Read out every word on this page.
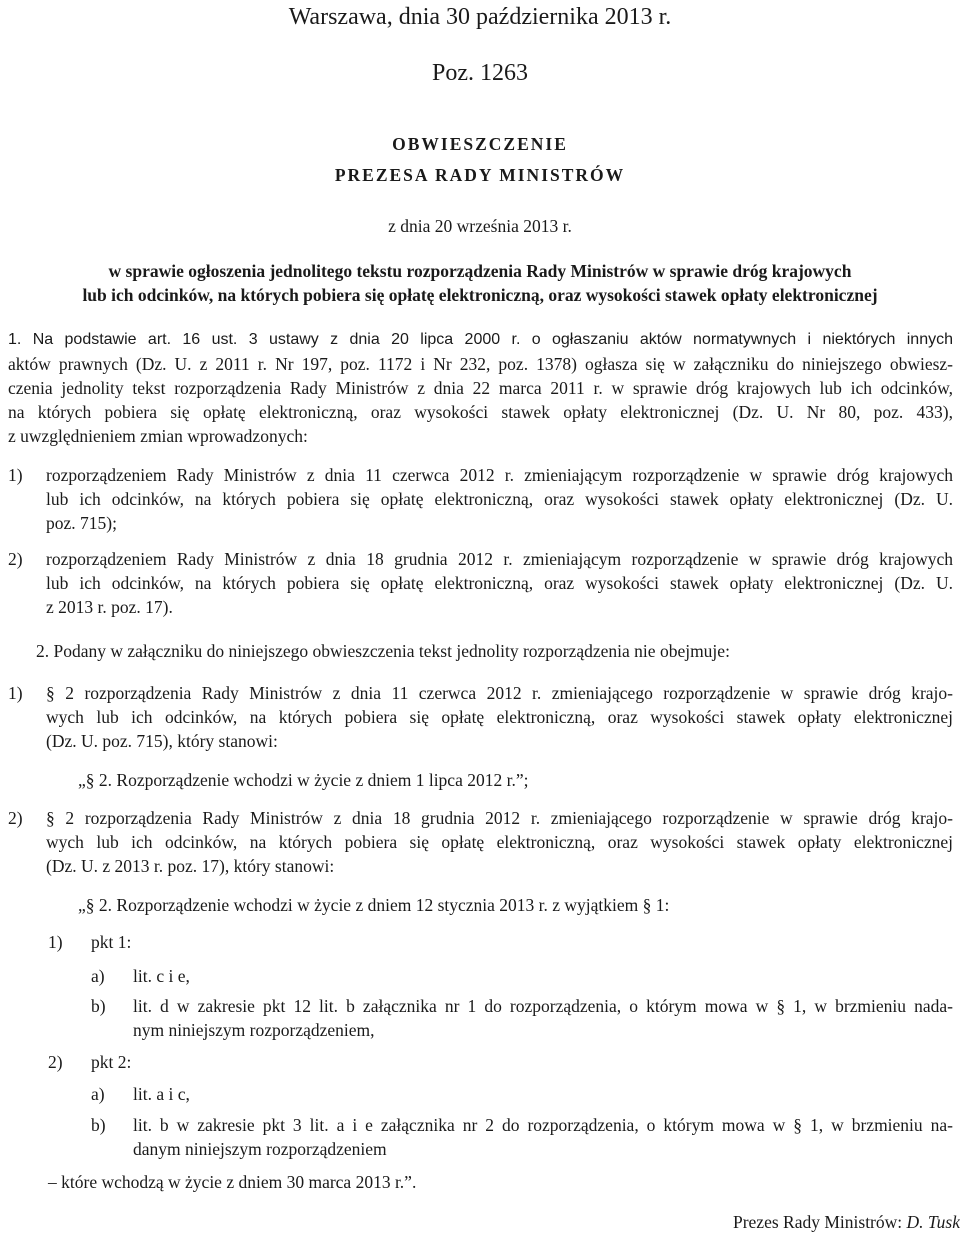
Warszawa, dnia 30 października 2013 r.
Poz. 1263
OBWIESZCZENIE
PREZESA RADY MINISTRÓW
z dnia 20 września 2013 r.
w sprawie ogłoszenia jednolitego tekstu rozporządzenia Rady Ministrów w sprawie dróg krajowych
lub ich odcinków, na których pobiera się opłatę elektroniczną, oraz wysokości stawek opłaty elektronicznej
1. Na podstawie art. 16 ust. 3 ustawy z dnia 20 lipca 2000 r. o ogłaszaniu aktów normatywnych i niektórych innych
aktów prawnych (Dz. U. z 2011 r. Nr 197, poz. 1172 i Nr 232, poz. 1378) ogłasza się w załączniku do niniejszego obwiesz-
czenia jednolity tekst rozporządzenia Rady Ministrów z dnia 22 marca 2011 r. w sprawie dróg krajowych lub ich odcinków,
na których pobiera się opłatę elektroniczną, oraz wysokości stawek opłaty elektronicznej (Dz. U. Nr 80, poz. 433),
z uwzględnieniem zmian wprowadzonych:
1) rozporządzeniem Rady Ministrów z dnia 11 czerwca 2012 r. zmieniającym rozporządzenie w sprawie dróg krajowych
lub ich odcinków, na których pobiera się opłatę elektroniczną, oraz wysokości stawek opłaty elektronicznej (Dz. U.
poz. 715);
2) rozporządzeniem Rady Ministrów z dnia 18 grudnia 2012 r. zmieniającym rozporządzenie w sprawie dróg krajowych
lub ich odcinków, na których pobiera się opłatę elektroniczną, oraz wysokości stawek opłaty elektronicznej (Dz. U.
z 2013 r. poz. 17).
2. Podany w załączniku do niniejszego obwieszczenia tekst jednolity rozporządzenia nie obejmuje:
1) § 2 rozporządzenia Rady Ministrów z dnia 11 czerwca 2012 r. zmieniającego rozporządzenie w sprawie dróg krajo-
wych lub ich odcinków, na których pobiera się opłatę elektroniczną, oraz wysokości stawek opłaty elektronicznej
(Dz. U. poz. 715), który stanowi:
„§ 2. Rozporządzenie wchodzi w życie z dniem 1 lipca 2012 r.”;
2) § 2 rozporządzenia Rady Ministrów z dnia 18 grudnia 2012 r. zmieniającego rozporządzenie w sprawie dróg krajo-
wych lub ich odcinków, na których pobiera się opłatę elektroniczną, oraz wysokości stawek opłaty elektronicznej
(Dz. U. z 2013 r. poz. 17), który stanowi:
„§ 2. Rozporządzenie wchodzi w życie z dniem 12 stycznia 2013 r. z wyjątkiem § 1:
1) pkt 1:
a) lit. c i e,
b) lit. d w zakresie pkt 12 lit. b załącznika nr 1 do rozporządzenia, o którym mowa w § 1, w brzmieniu nada-
nym niniejszym rozporządzeniem,
2) pkt 2:
a) lit. a i c,
b) lit. b w zakresie pkt 3 lit. a i e załącznika nr 2 do rozporządzenia, o którym mowa w § 1, w brzmieniu na-
danym niniejszym rozporządzeniem
– które wchodzą w życie z dniem 30 marca 2013 r.”.
Prezes Rady Ministrów: D. Tusk
